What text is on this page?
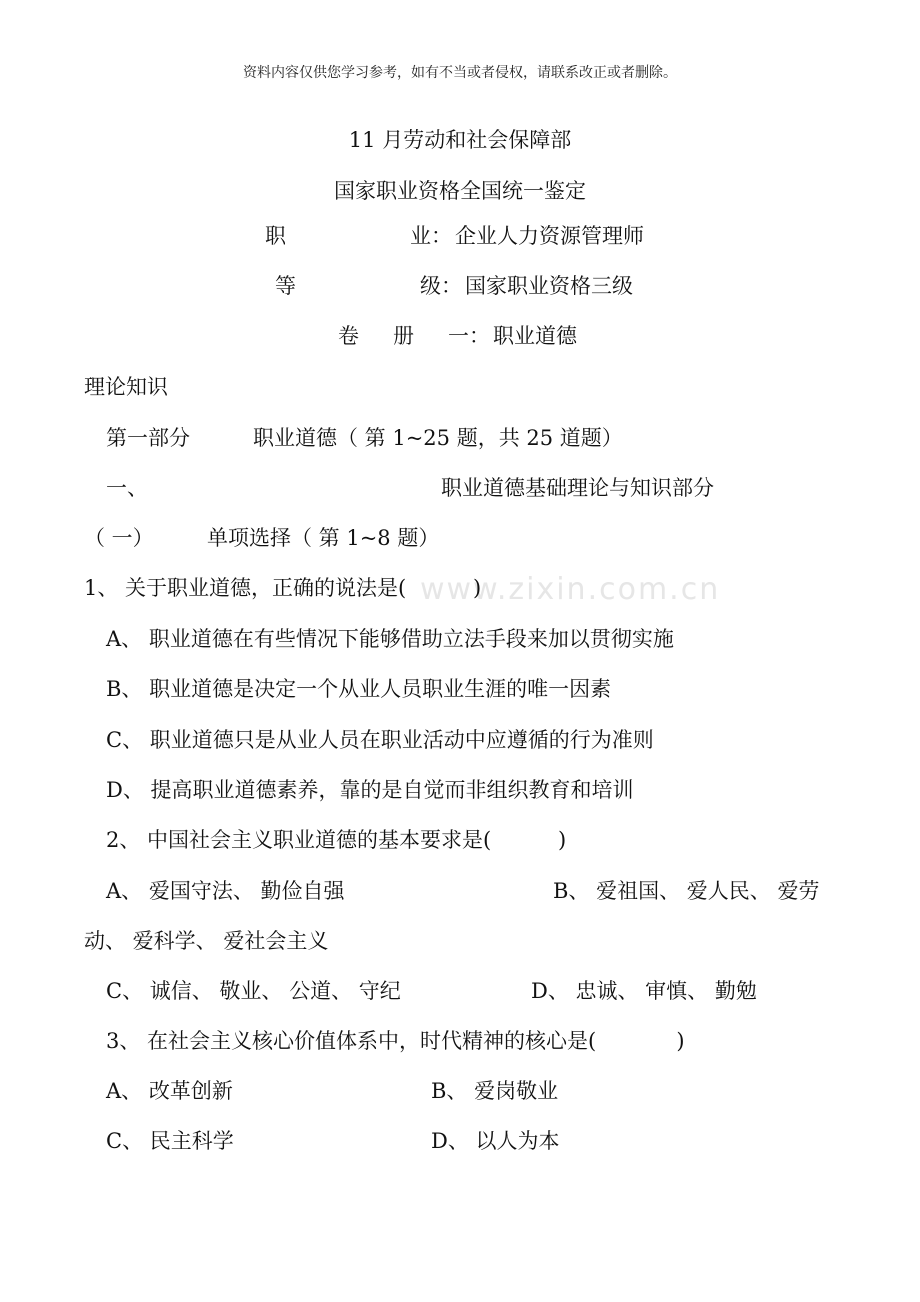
资料内容仅供您学习参考，如有不当或者侵权，请联系改正或者删除。
11 月劳动和社会保障部
国家职业资格全国统一鉴定
职	业： 企业人力资源管理师
等	级： 国家职业资格三级
卷 册 一： 职业道德
理论知识
第一部分	职业道德（ 第 1~25 题，共 25 道题）
一、	职业道德基础理论与知识部分
（ 一）	单项选择（ 第 1~8 题）
www.zixin.com.cn
1、 关于职业道德，正确的说法是(          )
A、 职业道德在有些情况下能够借助立法手段来加以贯彻实施
B、 职业道德是决定一个从业人员职业生涯的唯一因素
C、 职业道德只是从业人员在职业活动中应遵循的行为准则
D、 提高职业道德素养，靠的是自觉而非组织教育和培训
2、 中国社会主义职业道德的基本要求是(          )
A、 爱国守法、 勤俭自强	B、 爱祖国、 爱人民、 爱劳
动、 爱科学、 爱社会主义
C、 诚信、 敬业、 公道、 守纪	D、 忠诚、 审慎、 勤勉
3、 在社会主义核心价值体系中，时代精神的核心是(            )
A、 改革创新	B、 爱岗敬业
C、 民主科学	D、 以人为本
